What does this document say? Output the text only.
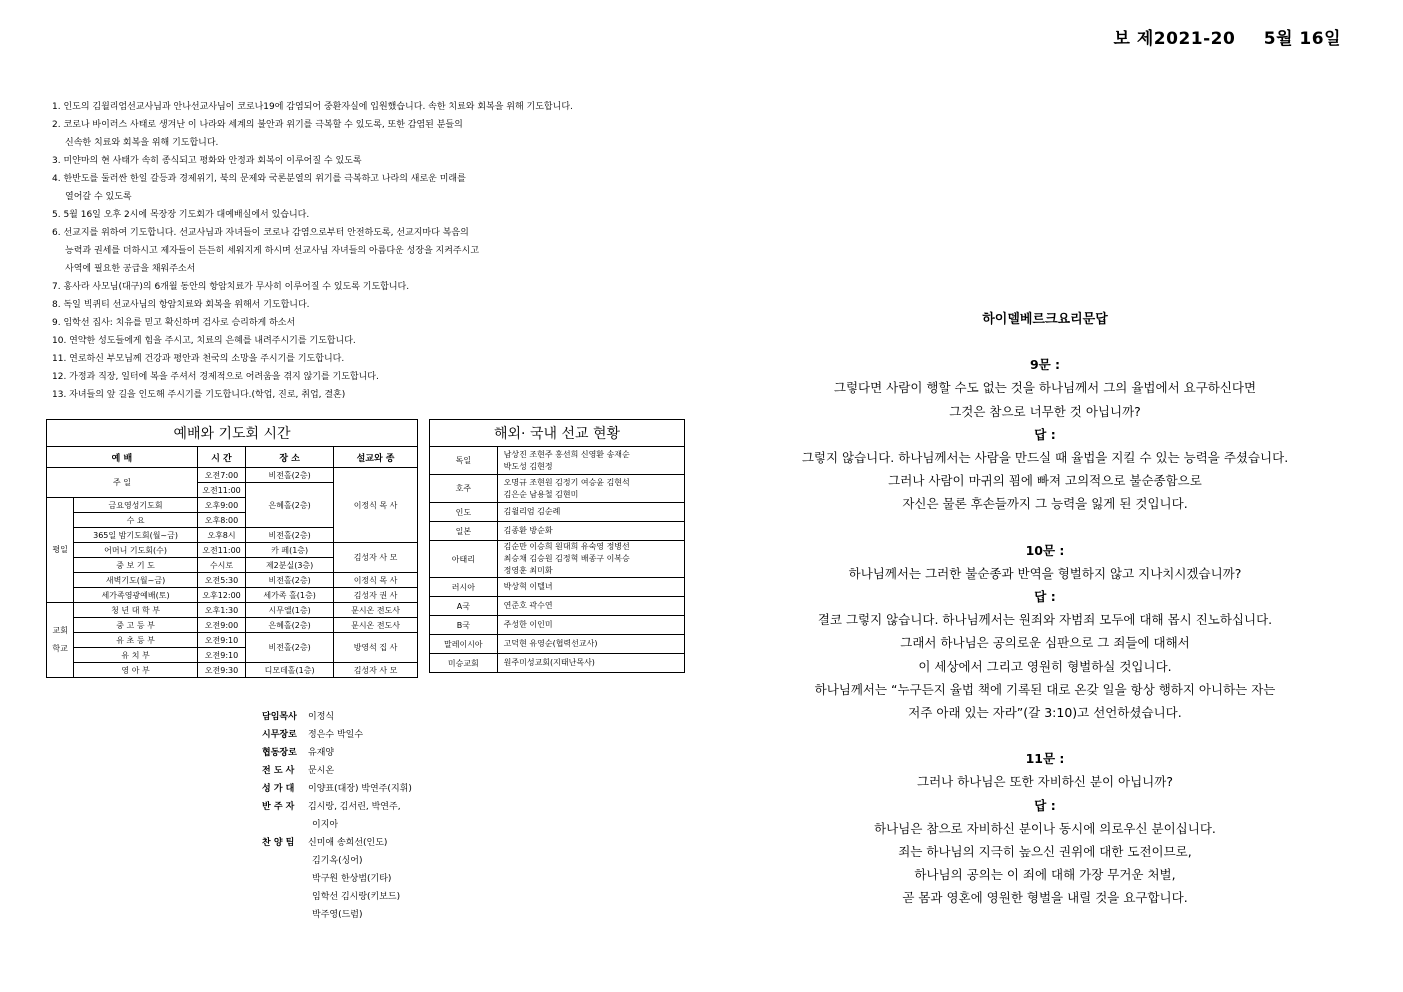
보 제2021-20 5월 16일
1. 인도의 김윌리엄선교사님과 안나선교사님이 코로나19에 감염되어 중환자실에 입원했습니다. 속한 치료와 회복을 위해 기도합니다.
2. 코로나 바이러스 사태로 생겨난 이 나라와 세계의 불안과 위기를 극복할 수 있도록, 또한 감염된 분들의
신속한 치료와 회복을 위해 기도합니다.
3. 미얀마의 현 사태가 속히 종식되고 평화와 안정과 회복이 이루어질 수 있도록
4. 한반도를 둘러싼 한일 갈등과 경제위기, 북의 문제와 국론분열의 위기를 극복하고 나라의 새로운 미래를
열어갈 수 있도록
5. 5월 16일 오후 2시에 목장장 기도회가 대예배실에서 있습니다.
6. 선교지를 위하여 기도합니다. 선교사님과 자녀들이 코로나 감염으로부터 안전하도록, 선교지마다 복음의
능력과 권세를 더하시고 제자들이 든든히 세워지게 하시며 선교사님 자녀들의 아름다운 성장을 지켜주시고
사역에 필요한 공급을 채워주소서
7. 홍사라 사모님(대구)의 6개월 동안의 항암치료가 무사히 이루어질 수 있도록 기도합니다.
8. 독일 빅퀴티 선교사님의 항암치료와 회복을 위해서 기도합니다.
9. 임학선 집사: 치유를 믿고 확신하며 검사로 승리하게 하소서
10. 연약한 성도들에게 힘을 주시고, 치료의 은혜를 내려주시기를 기도합니다.
11. 연로하신 부모님께 건강과 평안과 천국의 소망을 주시기를 기도합니다.
12. 가정과 직장, 일터에 복을 주셔서 경제적으로 어려움을 겪지 않기를 기도합니다.
13. 자녀들의 앞 길을 인도해 주시기를 기도합니다.(학업, 진로, 취업, 결혼)
예배와 기도회 시간				
예 배		시 간	장 소	설교와 종
주 일		오전7:00	비전홀(2층)	이정식 목 사
		오전11:00	은혜홀(2층)	
평일	금요영성기도회	오후9:00		
	수 요	오후8:00		
	365일 밤기도회(월~금)	오후8시	비전홀(2층)	
	어머니 기도회(수)	오전11:00	카 페(1층)	김성자 사 모
	중 보 기 도	수시로	제2분실(3층)	
	새벽기도(월~금)	오전5:30	비전홀(2층)	이정식 목 사
	세가족영광예배(토)	오후12:00	세가족 홀(1층)	김성자 권 사
교회학교	청 년 대 학 부	오후1:30	시무엘(1층)	문시온 전도사
	중 고 등 부	오전9:00	은혜홀(2층)	문시온 전도사
	유 초 등 부	오전9:10	비전홀(2층)	방영석 집 사
	유 치 부	오전9:10		
	영 아 부	오전9:30	디모데홀(1층)	김성자 사 모
해외· 국내 선교 현황	
독일	남상진 조현주 홍선희 신영환 송재순
박도성 김현정

호주	오명규 조현원 김정기 여승윤 김현석
김은순 남용철 김현미

인도	김윌리엄 김순례

일본	김종환 방순화

아태리	김순만 이승희 원대희 유숙영 정병선
최승채 김승원 김정혁 배종구 이복승
정영훈 최미화

러시아	박상혁 이텔녀

A국	연준호 곽수연

B국	주성한 이인미

말레이시아	고덕현 유영순(협력선교사)

미승교회	원주미성교회(지태난목사)
담임목사 이정식
시무장로 정은수 박일수
협동장로 유재양
전 도 사 문시온
성 가 대 이양표(대장) 박연주(지휘)
반 주 자 김시랑, 김서린, 박연주,
이지아
찬 양 팀 신미애 송희선(인도)
김기옥(싱어)
박구원 한상범(기타)
임학선 김시랑(키보드)
박주영(드럼)
하이델베르크요리문답
9문 :
그렇다면 사람이 행할 수도 없는 것을 하나님께서 그의 율법에서 요구하신다면
그것은 참으로 너무한 것 아닙니까?
답 :
그렇지 않습니다. 하나님께서는 사람을 만드실 때 율법을 지킬 수 있는 능력을 주셨습니다.
그러나 사람이 마귀의 꾐에 빠져 고의적으로 불순종함으로
자신은 물론 후손들까지 그 능력을 잃게 된 것입니다.
10문 :
하나님께서는 그러한 불순종과 반역을 형벌하지 않고 지나치시겠습니까?
답 :
결코 그렇지 않습니다. 하나님께서는 원죄와 자범죄 모두에 대해 몹시 진노하십니다.
그래서 하나님은 공의로운 심판으로 그 죄들에 대해서
이 세상에서 그리고 영원히 형벌하실 것입니다.
하나님께서는 “누구든지 율법 책에 기록된 대로 온갖 일을 항상 행하지 아니하는 자는
저주 아래 있는 자라”(갈 3:10)고 선언하셨습니다.
11문 :
그러나 하나님은 또한 자비하신 분이 아닙니까?
답 :
하나님은 참으로 자비하신 분이나 동시에 의로우신 분이십니다.
죄는 하나님의 지극히 높으신 권위에 대한 도전이므로,
하나님의 공의는 이 죄에 대해 가장 무거운 처벌,
곧 몸과 영혼에 영원한 형벌을 내릴 것을 요구합니다.
